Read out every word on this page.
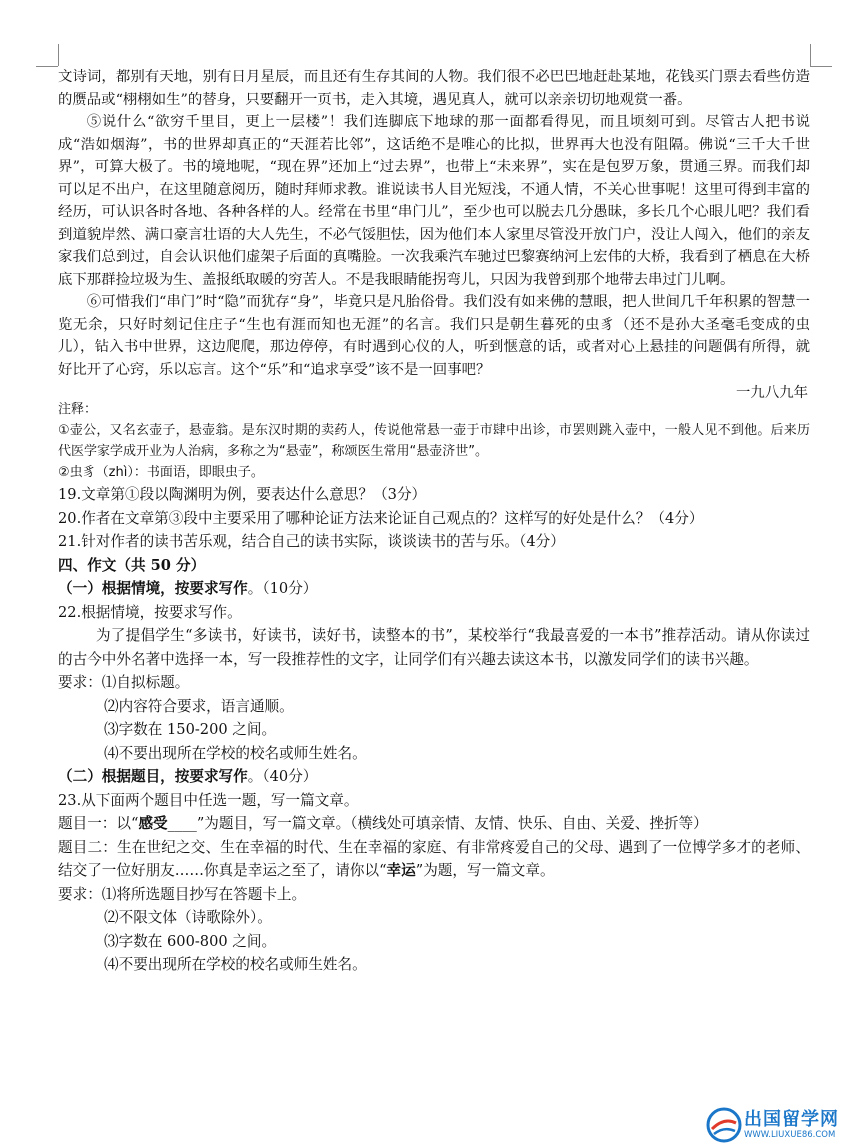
文诗词，都别有天地，别有日月星辰，而且还有生存其间的人物。我们很不必巴巴地赶赴某地，花钱买门票去看些仿造的赝品或“栩栩如生”的替身，只要翻开一页书，走入其境，遇见真人，就可以亲亲切切地观赏一番。

⑤说什么“欲穷千里目，更上一层楼”！我们连脚底下地球的那一面都看得见，而且顷刻可到。尽管古人把书说成“浩如烟海”，书的世界却真正的“天涯若比邻”，这话绝不是唯心的比拟，世界再大也没有阻隔。佛说“三千大千世界”，可算大极了。书的境地呢，“现在界”还加上“过去界”，也带上“未来界”，实在是包罗万象，贯通三界。而我们却可以足不出户，在这里随意阅历，随时拜师求教。谁说读书人目光短浅，不通人情，不关心世事呢！这里可得到丰富的经历，可认识各时各地、各种各样的人。经常在书里“串门儿”，至少也可以脱去几分愚昧，多长几个心眼儿吧？我们看到道貌岸然、满口豪言壮语的大人先生，不必气馁胆怯，因为他们本人家里尽管没开放门户，没让人闯入，他们的亲友家我们总到过，自会认识他们虚架子后面的真嘴脸。一次我乘汽车驰过巴黎赛纳河上宏伟的大桥，我看到了栖息在大桥底下那群捡垃圾为生、盖报纸取暖的穷苦人。不是我眼睛能拐弯儿，只因为我曾到那个地带去串过门儿啊。

⑥可惜我们“串门”时“隐”而犹存“身”，毕竟只是凡胎俗骨。我们没有如来佛的慧眼，把人世间几千年积累的智慧一览无余，只好时刻记住庄子“生也有涯而知也无涯”的名言。我们只是朝生暮死的虫豸（还不是孙大圣毫毛变成的虫儿），钻入书中世界，这边爬爬，那边停停，有时遇到心仪的人，听到惬意的话，或者对心上悬挂的问题偶有所得，就好比开了心窍，乐以忘言。这个“乐”和“追求享受”该不是一回事吧？

一九八九年

注释：

①壶公，又名玄壶子，悬壶翁。是东汉时期的卖药人，传说他常悬一壶于市肆中出诊，市罢则跳入壶中，一般人见不到他。后来历代医学家学成开业为人治病，多称之为“悬壶”，称颂医生常用“悬壶济世”。

②虫豸（zhì）：书面语，即眼虫子。

19.文章第①段以陶渊明为例，要表达什么意思？（3分）

20.作者在文章第③段中主要采用了哪种论证方法来论证自己观点的？这样写的好处是什么？（4分）

21.针对作者的读书苦乐观，结合自己的读书实际，谈谈读书的苦与乐。（4分）

四、作文（共 50 分）

（一）根据情境，按要求写作。（10分）

22.根据情境，按要求写作。

为了提倡学生“多读书，好读书，读好书，读整本的书”，某校举行“我最喜爱的一本书”推荐活动。请从你读过的古今中外名著中选择一本，写一段推荐性的文字，让同学们有兴趣去读这本书，以激发同学们的读书兴趣。

要求：

⑴自拟标题。

⑵内容符合要求，语言通顺。

⑶字数在 150-200 之间。

⑷不要出现所在学校的校名或师生姓名。

（二）根据题目，按要求写作。（40分）

23.从下面两个题目中任选一题，写一篇文章。

题目一：以“感受____”为题目，写一篇文章。（横线处可填亲情、友情、快乐、自由、关爱、挫折等）

题目二：生在世纪之交、生在幸福的时代、生在幸福的家庭、有非常疼爱自己的父母、遇到了一位博学多才的老师、结交了一位好朋友……你真是幸运之至了，请你以“幸运”为题，写一篇文章。

要求：

⑴将所选题目抄写在答题卡上。

⑵不限文体（诗歌除外）。

⑶字数在 600-800 之间。

⑷不要出现所在学校的校名或师生姓名。

出国留学网
WWW.LIUXUE86.COM
